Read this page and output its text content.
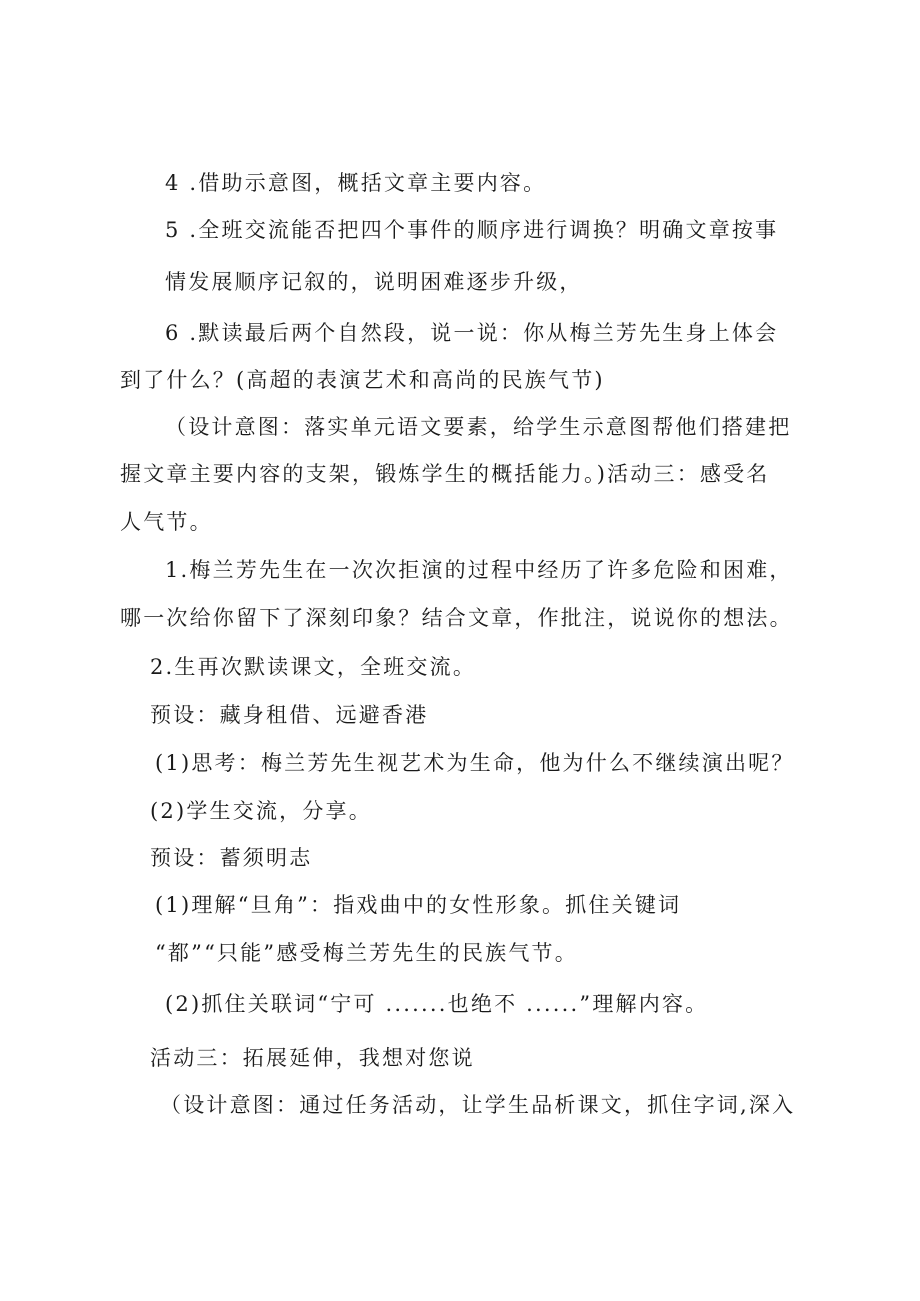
4 .借助示意图，概括文章主要内容。
5 .全班交流能否把四个事件的顺序进行调换？明确文章按事
情发展顺序记叙的，说明困难逐步升级，
6 .默读最后两个自然段，说一说：你从梅兰芳先生身上体会
到了什么？(高超的表演艺术和高尚的民族气节)
（设计意图：落实单元语文要素，给学生示意图帮他们搭建把
握文章主要内容的支架，锻炼学生的概括能力。)活动三：感受名
人气节。
1.梅兰芳先生在一次次拒演的过程中经历了许多危险和困难，
哪一次给你留下了深刻印象？结合文章，作批注，说说你的想法。
2.生再次默读课文，全班交流。
预设：藏身租借、远避香港
(1)思考：梅兰芳先生视艺术为生命，他为什么不继续演出呢？
(2)学生交流，分享。
预设：蓄须明志
(1)理解“旦角”：指戏曲中的女性形象。抓住关键词
“都”“只能”感受梅兰芳先生的民族气节。
(2)抓住关联词“宁可 .......也绝不 ......”理解内容。
活动三：拓展延伸，我想对您说
（设计意图：通过任务活动，让学生品析课文，抓住字词,深入
